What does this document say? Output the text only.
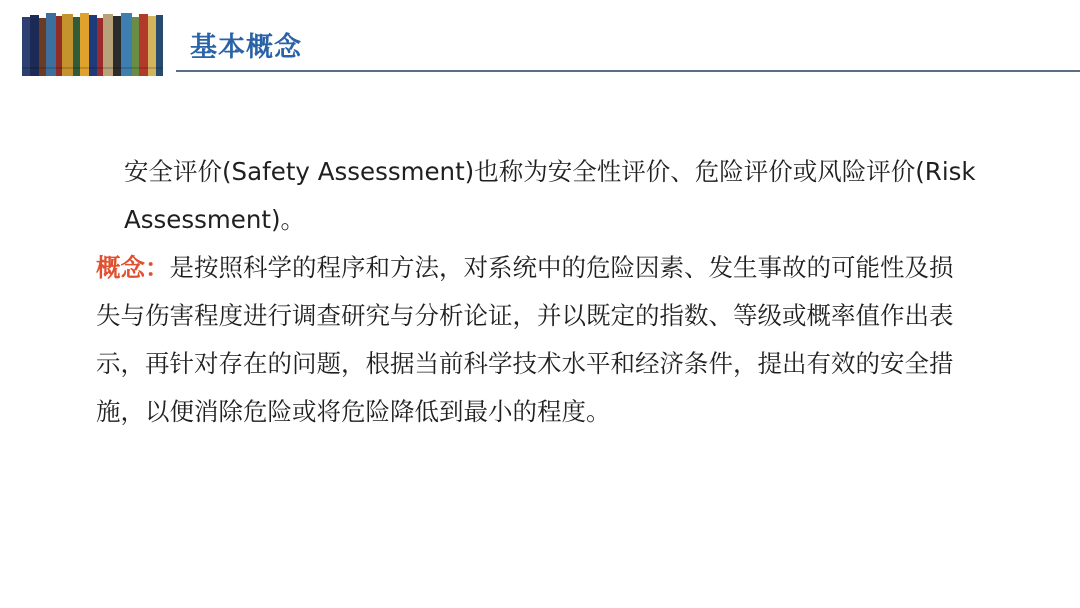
基本概念

安全评价(Safety Assessment)也称为安全性评价、危险评价或风险评价(Risk Assessment)。

概念：是按照科学的程序和方法，对系统中的危险因素、发生事故的可能性及损失与伤害程度进行调查研究与分析论证，并以既定的指数、等级或概率值作出表示，再针对存在的问题，根据当前科学技术水平和经济条件，提出有效的安全措施，以便消除危险或将危险降低到最小的程度。
